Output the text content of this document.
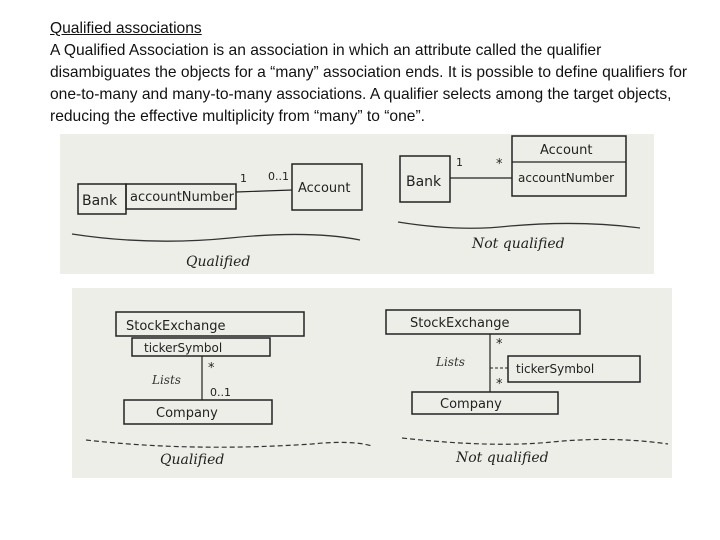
Qualified associations
A Qualified Association is an association in which an attribute called the qualifier disambiguates the objects for a “many” association ends. It is possible to define qualifiers for one-to-many and many-to-many associations. A qualifier selects among the target objects, reducing the effective multiplicity from “many” to “one”.
Bank accountNumber
1 0..1
Account
Qualified
Bank
1	*
Account
accountNumber
Not qualified
StockExchange
tickerSymbol
*
Lists
0..1
Company
Qualified
StockExchange
*
Lists	tickerSymbol
*
Company
Not qualified
